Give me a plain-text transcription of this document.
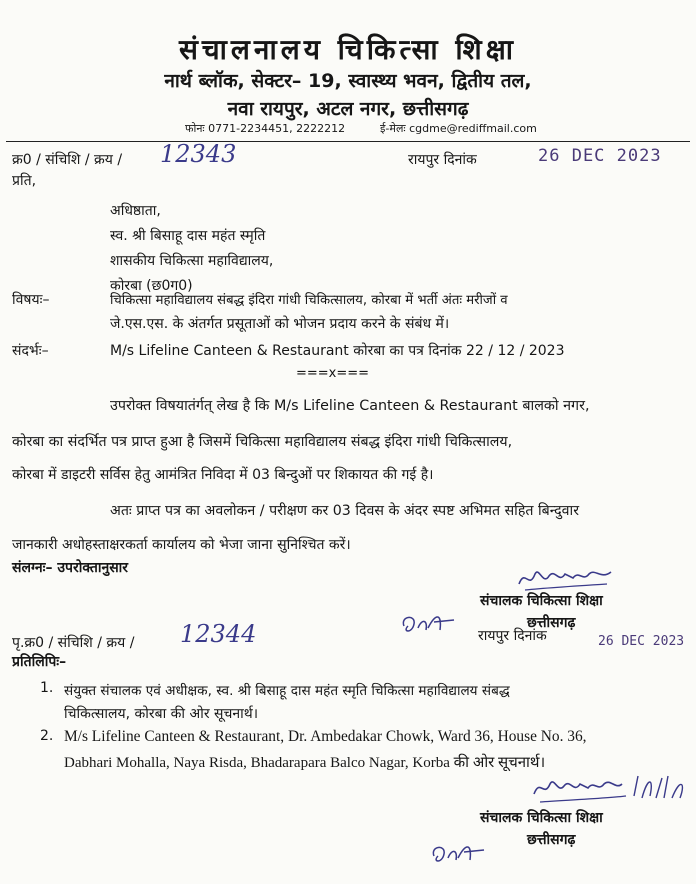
संचालनालय चिकित्सा शिक्षा
नार्थ ब्लॉक, सेक्टर– 19, स्वास्थ्य भवन, द्वितीय तल,
नवा रायपुर, अटल नगर, छत्तीसगढ़
फोनः 0771-2234451, 2222212	ई-मेलः cgdme@rediffmail.com
क्र0 / संचिशि / क्रय / 12343	रायपुर दिनांक	26 DEC 2023
प्रति,
अधिष्ठाता,
स्व. श्री बिसाहू दास महंत स्मृति
शासकीय चिकित्सा महाविद्यालय,
कोरबा (छ0ग0)
विषयः–	चिकित्सा महाविद्यालय संबद्ध इंदिरा गांधी चिकित्सालय, कोरबा में भर्ती अंतः मरीजों व
जे.एस.एस. के अंतर्गत प्रसूताओं को भोजन प्रदाय करने के संबंध में।
संदर्भः–	M/s Lifeline Canteen & Restaurant कोरबा का पत्र दिनांक 22 / 12 / 2023
===x===
उपरोक्त विषयातंर्गत् लेख है कि M/s Lifeline Canteen & Restaurant बालको नगर,
कोरबा का संदर्भित पत्र प्राप्त हुआ है जिसमें चिकित्सा महाविद्यालय संबद्ध इंदिरा गांधी चिकित्सालय,
कोरबा में डाइटरी सर्विस हेतु आमंत्रित निविदा में 03 बिन्दुओं पर शिकायत की गई है।
अतः प्राप्त पत्र का अवलोकन / परीक्षण कर 03 दिवस के अंदर स्पष्ट अभिमत सहित बिन्दुवार
जानकारी अधोहस्ताक्षरकर्ता कार्यालय को भेजा जाना सुनिश्चित करें।
संलग्नः– उपरोक्तानुसार
संचालक चिकित्सा शिक्षा
छत्तीसगढ़
पृ.क्र0 / संचिशि / क्रय / 12344	रायपुर दिनांक	26 DEC 2023
प्रतिलिपिः–
1. संयुक्त संचालक एवं अधीक्षक, स्व. श्री बिसाहू दास महंत स्मृति चिकित्सा महाविद्यालय संबद्ध
चिकित्सालय, कोरबा की ओर सूचनार्थ।
2. M/s Lifeline Canteen & Restaurant, Dr. Ambedakar Chowk, Ward 36, House No. 36,
Dabhari Mohalla, Naya Risda, Bhadarapara Balco Nagar, Korba की ओर सूचनार्थ।
संचालक चिकित्सा शिक्षा
छत्तीसगढ़
